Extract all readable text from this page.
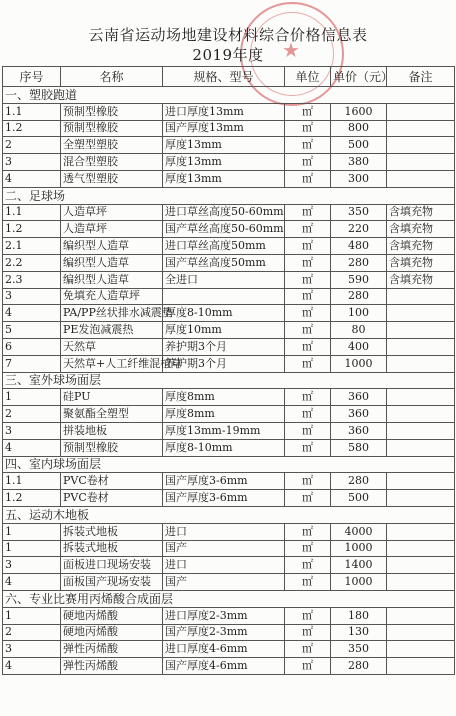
★
云南省运动场地建设材料综合价格信息表
2019年度
序号	名称	规格、型号	单位	单价（元）	备注
一、塑胶跑道					
1.1	预制型橡胶	进口厚度13mm	㎡	1600	
1.2	预制型橡胶	国产厚度13mm	㎡	800	
2	全塑型塑胶	厚度13mm	㎡	500	
3	混合型塑胶	厚度13mm	㎡	380	
4	透气型塑胶	厚度13mm	㎡	300	
二、足球场					
1.1	人造草坪	进口草丝高度50-60mm	㎡	350	含填充物
1.2	人造草坪	国产草丝高度50-60mm	㎡	220	含填充物
2.1	编织型人造草	进口草丝高度50mm	㎡	480	含填充物
2.2	编织型人造草	国产草丝高度50mm	㎡	280	含填充物
2.3	编织型人造草	全进口	㎡	590	含填充物
3	免填充人造草坪		㎡	280	
4	PA/PP丝状排水减震垫	厚度8-10mm	㎡	100	
5	PE发泡减震热	厚度10mm	㎡	80	
6	天然草	养护期3个月	㎡	400	
7	天然草+人工纤维混植草	养护期3个月	㎡	1000	
三、室外球场面层					
1	硅PU	厚度8mm	㎡	360	
2	聚氨酯全塑型	厚度8mm	㎡	360	
3	拼装地板	厚度13mm-19mm	㎡	360	
4	预制型橡胶	厚度8-10mm	㎡	580	
四、室内球场面层					
1.1	PVC卷材	国产厚度3-6mm	㎡	280	
1.2	PVC卷材	国产厚度3-6mm	㎡	500	
五、运动木地板					
1	拆装式地板	进口	㎡	4000	
1	拆装式地板	国产	㎡	1000	
3	面板进口现场安装	进口	㎡	1400	
4	面板国产现场安装	国产	㎡	1000	
六、专业比赛用丙烯酸合成面层					
1	硬地丙烯酸	进口厚度2-3mm	㎡	180	
2	硬地丙烯酸	国产厚度2-3mm	㎡	130	
3	弹性丙烯酸	进口厚度4-6mm	㎡	350	
4	弹性丙烯酸	国产厚度4-6mm	㎡	280	
